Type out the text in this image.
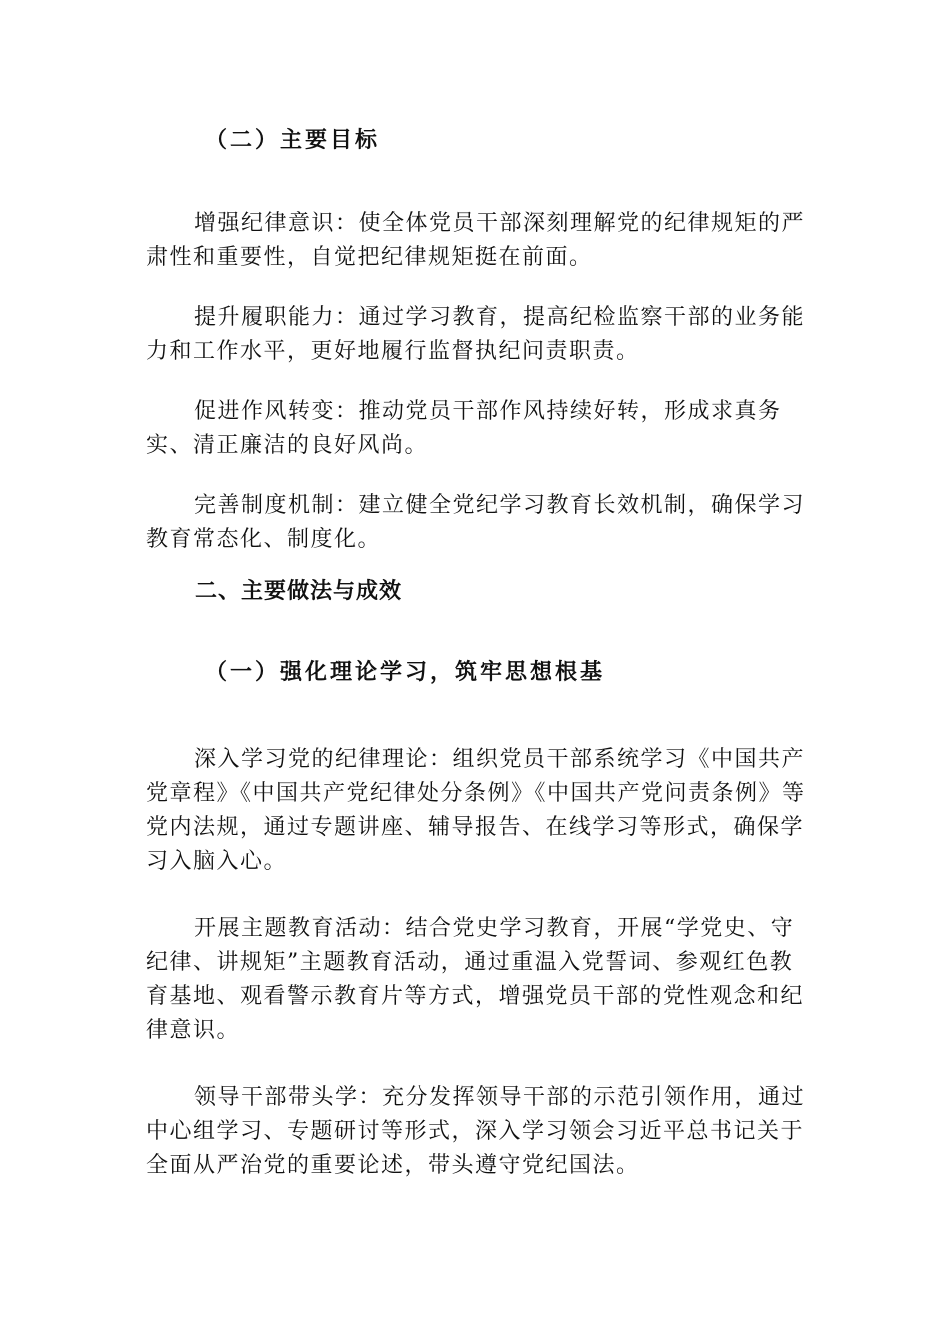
（二）主要目标

增强纪律意识：使全体党员干部深刻理解党的纪律规矩的严肃性和重要性，自觉把纪律规矩挺在前面。

提升履职能力：通过学习教育，提高纪检监察干部的业务能力和工作水平，更好地履行监督执纪问责职责。

促进作风转变：推动党员干部作风持续好转，形成求真务实、清正廉洁的良好风尚。

完善制度机制：建立健全党纪学习教育长效机制，确保学习教育常态化、制度化。

二、主要做法与成效
（一）强化理论学习，筑牢思想根基

深入学习党的纪律理论：组织党员干部系统学习《中国共产党章程》《中国共产党纪律处分条例》《中国共产党问责条例》等党内法规，通过专题讲座、辅导报告、在线学习等形式，确保学习入脑入心。

开展主题教育活动：结合党史学习教育，开展“学党史、守纪律、讲规矩”主题教育活动，通过重温入党誓词、参观红色教育基地、观看警示教育片等方式，增强党员干部的党性观念和纪律意识。

领导干部带头学：充分发挥领导干部的示范引领作用，通过中心组学习、专题研讨等形式，深入学习领会习近平总书记关于全面从严治党的重要论述，带头遵守党纪国法。
